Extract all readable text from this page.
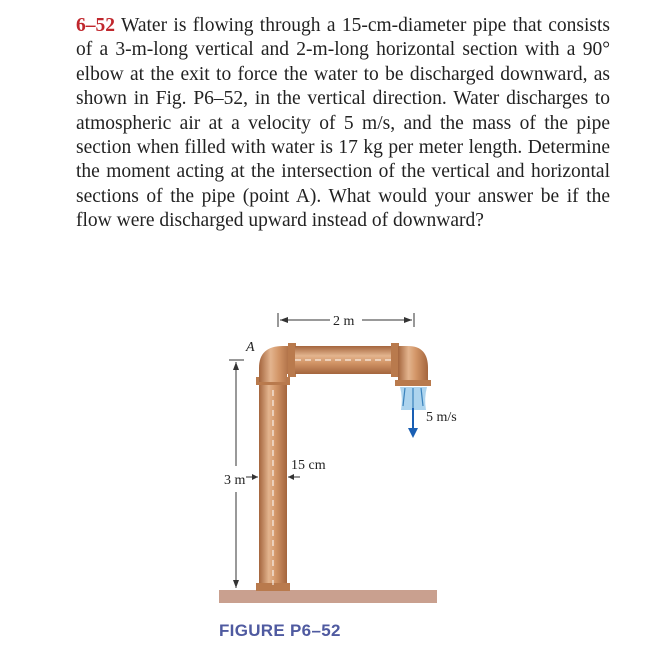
6–52 Water is flowing through a 15-cm-diameter pipe that consists of a 3-m-long vertical and 2-m-long horizontal section with a 90° elbow at the exit to force the water to be discharged downward, as shown in Fig. P6–52, in the vertical direction. Water discharges to atmospheric air at a velocity of 5 m/s, and the mass of the pipe section when filled with water is 17 kg per meter length. Determine the moment acting at the intersection of the vertical and horizontal sections of the pipe (point A). What would your answer be if the flow were discharged upward instead of downward?
5 m/s
2 m
A
3 m
15 cm
FIGURE P6–52
